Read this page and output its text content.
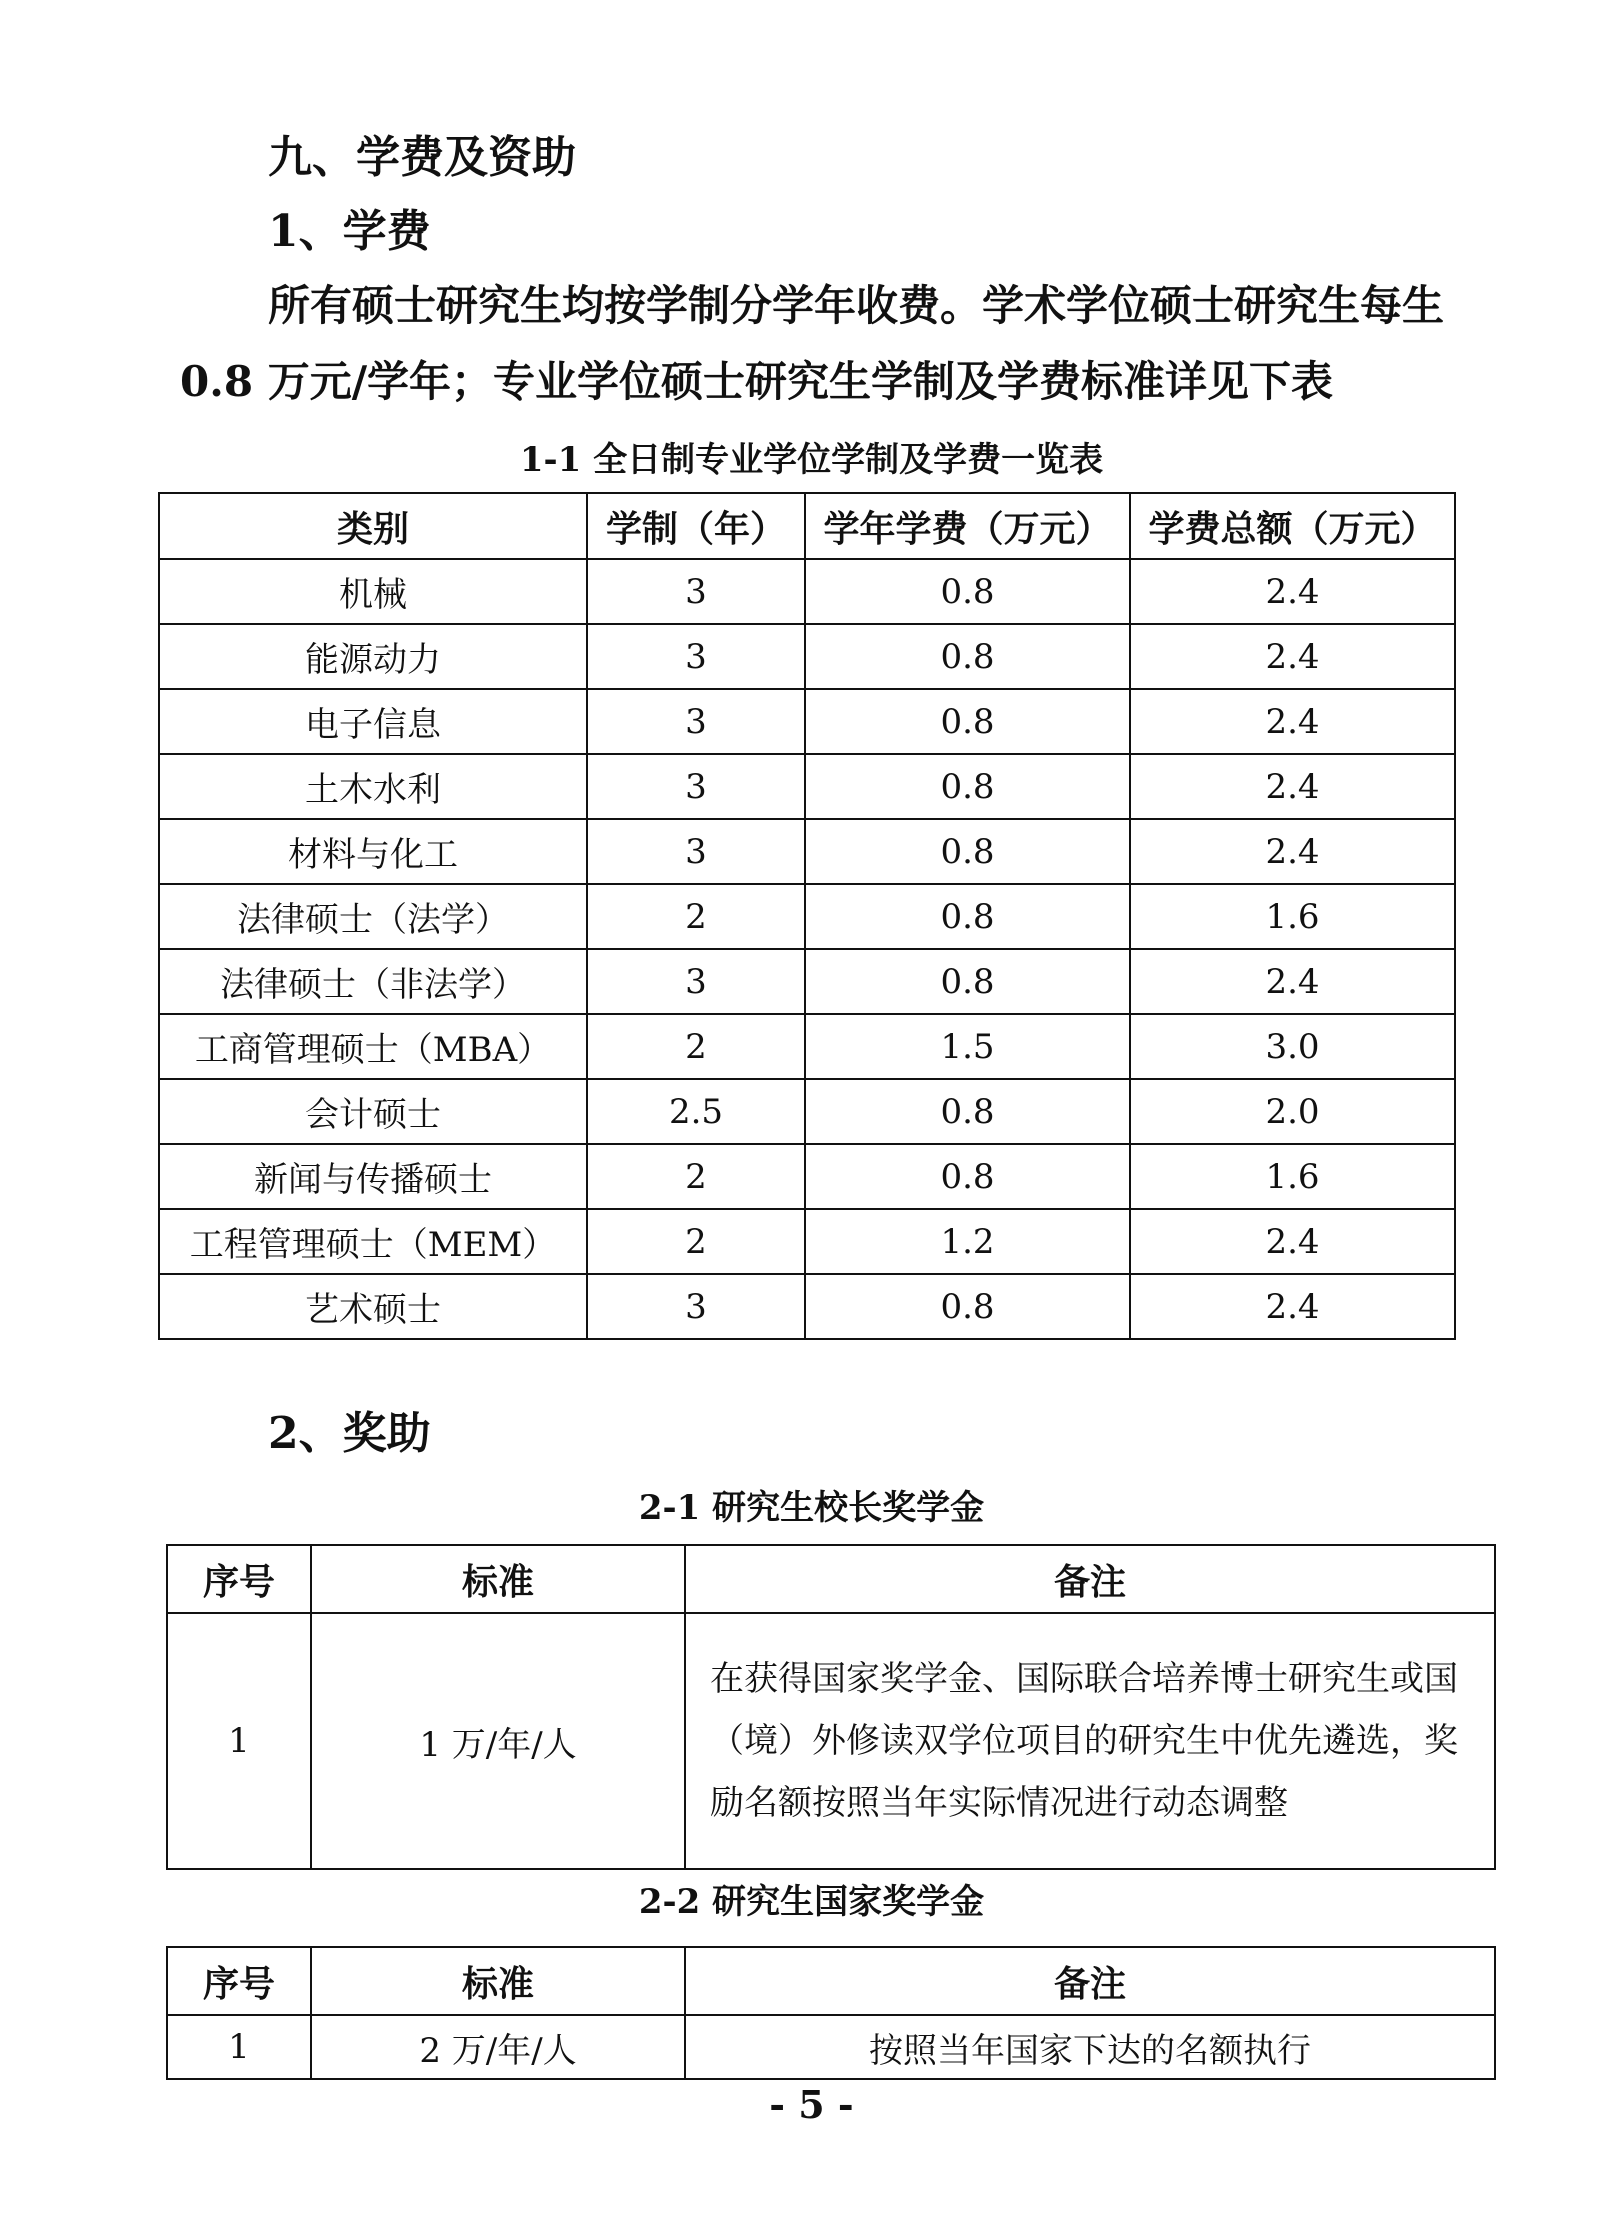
九、学费及资助
1、学费
所有硕士研究生均按学制分学年收费。学术学位硕士研究生每生
0.8 万元/学年；专业学位硕士研究生学制及学费标准详见下表
1-1 全日制专业学位学制及学费一览表
类别	学制（年）	学年学费（万元）	学费总额（万元）
机械	3	0.8	2.4
能源动力	3	0.8	2.4
电子信息	3	0.8	2.4
土木水利	3	0.8	2.4
材料与化工	3	0.8	2.4
法律硕士（法学）	2	0.8	1.6
法律硕士（非法学）	3	0.8	2.4
工商管理硕士（MBA）	2	1.5	3.0
会计硕士	2.5	0.8	2.0
新闻与传播硕士	2	0.8	1.6
工程管理硕士（MEM）	2	1.2	2.4
艺术硕士	3	0.8	2.4
2、奖助
2-1 研究生校长奖学金
序号	标准	备注
1	1 万/年/人	在获得国家奖学金、国际联合培养博士研究生或国（境）外修读双学位项目的研究生中优先遴选，奖励名额按照当年实际情况进行动态调整
2-2 研究生国家奖学金
序号	标准	备注
1	2 万/年/人	按照当年国家下达的名额执行
- 5 -
